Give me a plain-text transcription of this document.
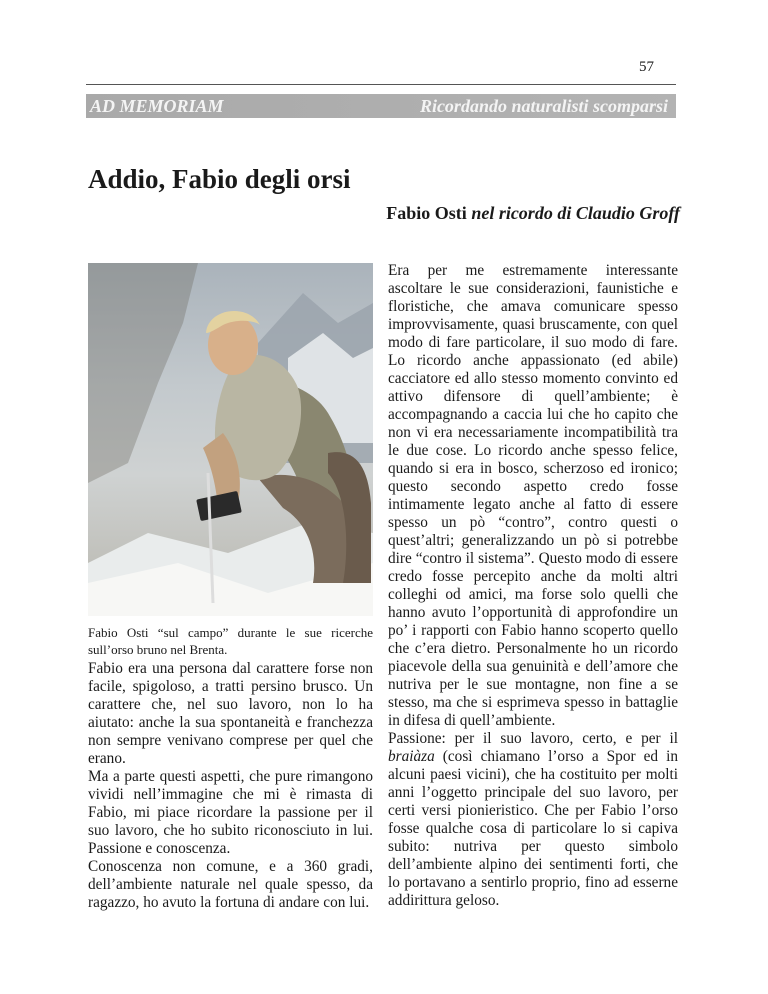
57
AD MEMORIAM	Ricordando naturalisti scomparsi
Addio, Fabio degli orsi
Fabio Osti nel ricordo di Claudio Groff
Fabio Osti “sul campo” durante le sue ricerche sull’orso bruno nel Brenta.

Fabio era una persona dal carattere forse non facile, spigoloso, a tratti persino brusco. Un carattere che, nel suo lavoro, non lo ha aiutato: anche la sua spontaneità e franchezza non sempre venivano comprese per quel che erano.

Ma a parte questi aspetti, che pure rimangono vividi nell’immagine che mi è rimasta di Fabio, mi piace ricordare la passione per il suo lavoro, che ho subito riconosciuto in lui. Passione e conoscenza.

Conoscenza non comune, e a 360 gradi, dell’ambiente naturale nel quale spesso, da ragazzo, ho avuto la fortuna di andare con lui.

Era per me estremamente interessante ascoltare le sue considerazioni, faunistiche e floristiche, che amava comunicare spesso improvvisamente, quasi bruscamente, con quel modo di fare particolare, il suo modo di fare. Lo ricordo anche appassionato (ed abile) cacciatore ed allo stesso momento convinto ed attivo difensore di quell’ambiente; è accompagnando a caccia lui che ho capito che non vi era necessariamente incompatibilità tra le due cose. Lo ricordo anche spesso felice, quando si era in bosco, scherzoso ed ironico; questo secondo aspetto credo fosse intimamente legato anche al fatto di essere spesso un pò “contro”, contro questi o quest’altri; generalizzando un pò si potrebbe dire “contro il sistema”. Questo modo di essere credo fosse percepito anche da molti altri colleghi od amici, ma forse solo quelli che hanno avuto l’opportunità di approfondire un po’ i rapporti con Fabio hanno scoperto quello che c’era dietro. Personalmente ho un ricordo piacevole della sua genuinità e dell’amore che nutriva per le sue montagne, non fine a se stesso, ma che si esprimeva spesso in battaglie in difesa di quell’ambiente.

Passione: per il suo lavoro, certo, e per il braiàza (così chiamano l’orso a Spor ed in alcuni paesi vicini), che ha costituito per molti anni l’oggetto principale del suo lavoro, per certi versi pionieristico. Che per Fabio l’orso fosse qualche cosa di particolare lo si capiva subito: nutriva per questo simbolo dell’ambiente alpino dei sentimenti forti, che lo portavano a sentirlo proprio, fino ad esserne addirittura geloso.
